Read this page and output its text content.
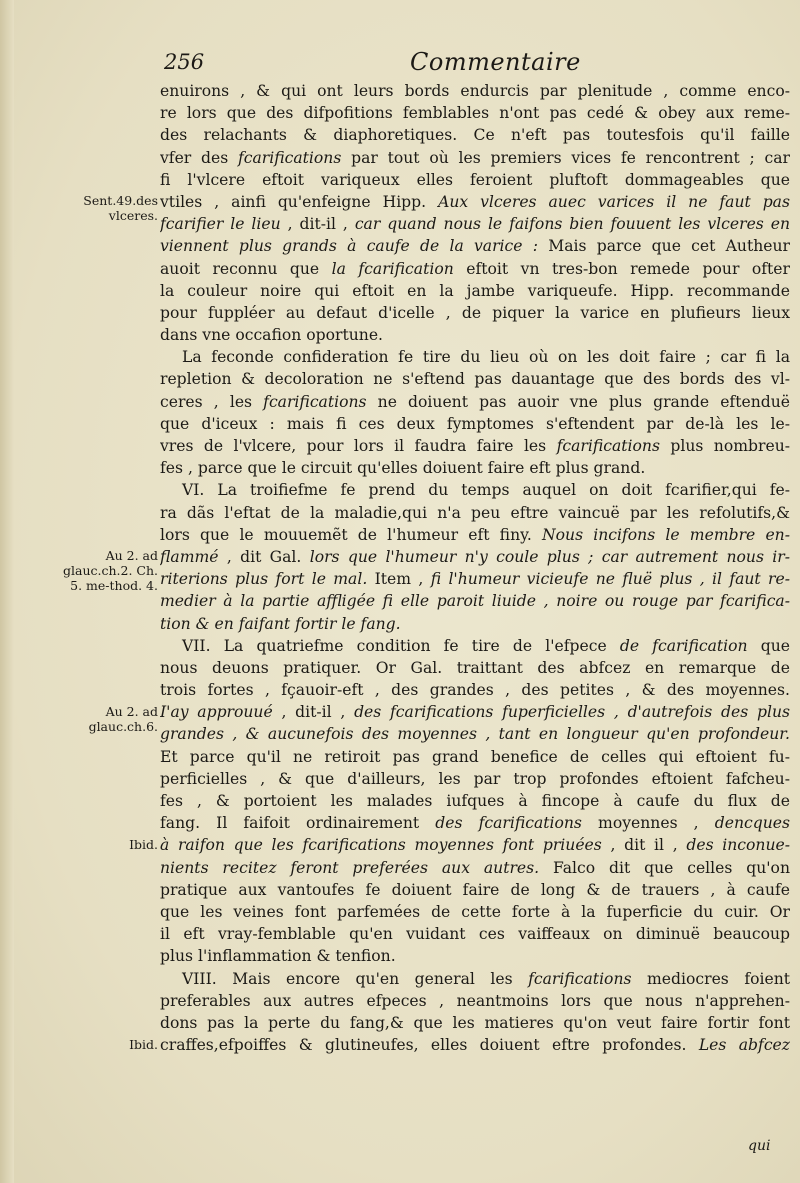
256	Commentaire
Sent.49.des vlceres.
Au 2. ad glauc.ch.2. Ch. 5. me-thod. 4.
Au 2. ad glauc.ch.6.
Ibid.
Ibid.
enuirons , & qui ont leurs bords endurcis par plenitude , comme enco-
re lors que des difpofitions femblables n'ont pas cedé & obey aux reme-
des relachants & diaphoretiques. Ce n'eft pas toutesfois qu'il faille
vfer des fcarifications par tout où les premiers vices fe rencontrent ; car
fi l'vlcere eftoit variqueux elles feroient pluftoft dommageables que
vtiles , ainfi qu'enfeigne Hipp. Aux vlceres auec varices il ne faut pas
fcarifier le lieu , dit-il , car quand nous le faifons bien fouuent les vlceres en
viennent plus grands à caufe de la varice : Mais parce que cet Autheur
auoit reconnu que la fcarification eftoit vn tres-bon remede pour ofter
la couleur noire qui eftoit en la jambe variqueufe. Hipp. recommande
pour fuppléer au defaut d'icelle , de piquer la varice en plufieurs lieux
dans vne occafion oportune.
La feconde confideration fe tire du lieu où on les doit faire ; car fi la
repletion & decoloration ne s'eftend pas dauantage que des bords des vl-
ceres , les fcarifications ne doiuent pas auoir vne plus grande eftenduë
que d'iceux : mais fi ces deux fymptomes s'eftendent par de-là les le-
vres de l'vlcere, pour lors il faudra faire les fcarifications plus nombreu-
fes , parce que le circuit qu'elles doiuent faire eft plus grand.
VI. La troifiefme fe prend du temps auquel on doit fcarifier,qui fe-
ra dãs l'eftat de la maladie,qui n'a peu eftre vaincuë par les refolutifs,&
lors que le mouuemẽt de l'humeur eft finy. Nous incifons le membre en-
flammé , dit Gal. lors que l'humeur n'y coule plus ; car autrement nous ir-
riterions plus fort le mal. Item , fi l'humeur vicieufe ne fluë plus , il faut re-
medier à la partie affligée fi elle paroit liuide , noire ou rouge par fcarifica-
tion & en faifant fortir le fang.
VII. La quatriefme condition fe tire de l'efpece de fcarification que
nous deuons pratiquer. Or Gal. traittant des abfcez en remarque de
trois fortes , fçauoir-eft , des grandes , des petites , & des moyennes.
I'ay approuué , dit-il , des fcarifications fuperficielles , d'autrefois des plus
grandes , & aucunefois des moyennes , tant en longueur qu'en profondeur.
Et parce qu'il ne retiroit pas grand benefice de celles qui eftoient fu-
perficielles , & que d'ailleurs, les par trop profondes eftoient fafcheu-
fes , & portoient les malades iufques à fincope à caufe du flux de
fang. Il faifoit ordinairement des fcarifications moyennes , dencques
à raifon que les fcarifications moyennes font priuées , dit il , des inconue-
nients recitez feront preferées aux autres. Falco dit que celles qu'on
pratique aux vantoufes fe doiuent faire de long & de trauers , à caufe
que les veines font parfemées de cette forte à la fuperficie du cuir. Or
il eft vray-femblable qu'en vuidant ces vaiffeaux on diminuë beaucoup
plus l'inflammation & tenfion.
VIII. Mais encore qu'en general les fcarifications mediocres foient
preferables aux autres efpeces , neantmoins lors que nous n'apprehen-
dons pas la perte du fang,& que les matieres qu'on veut faire fortir font
craffes,efpoiffes & glutineufes, elles doiuent eftre profondes. Les abfcez
qui
